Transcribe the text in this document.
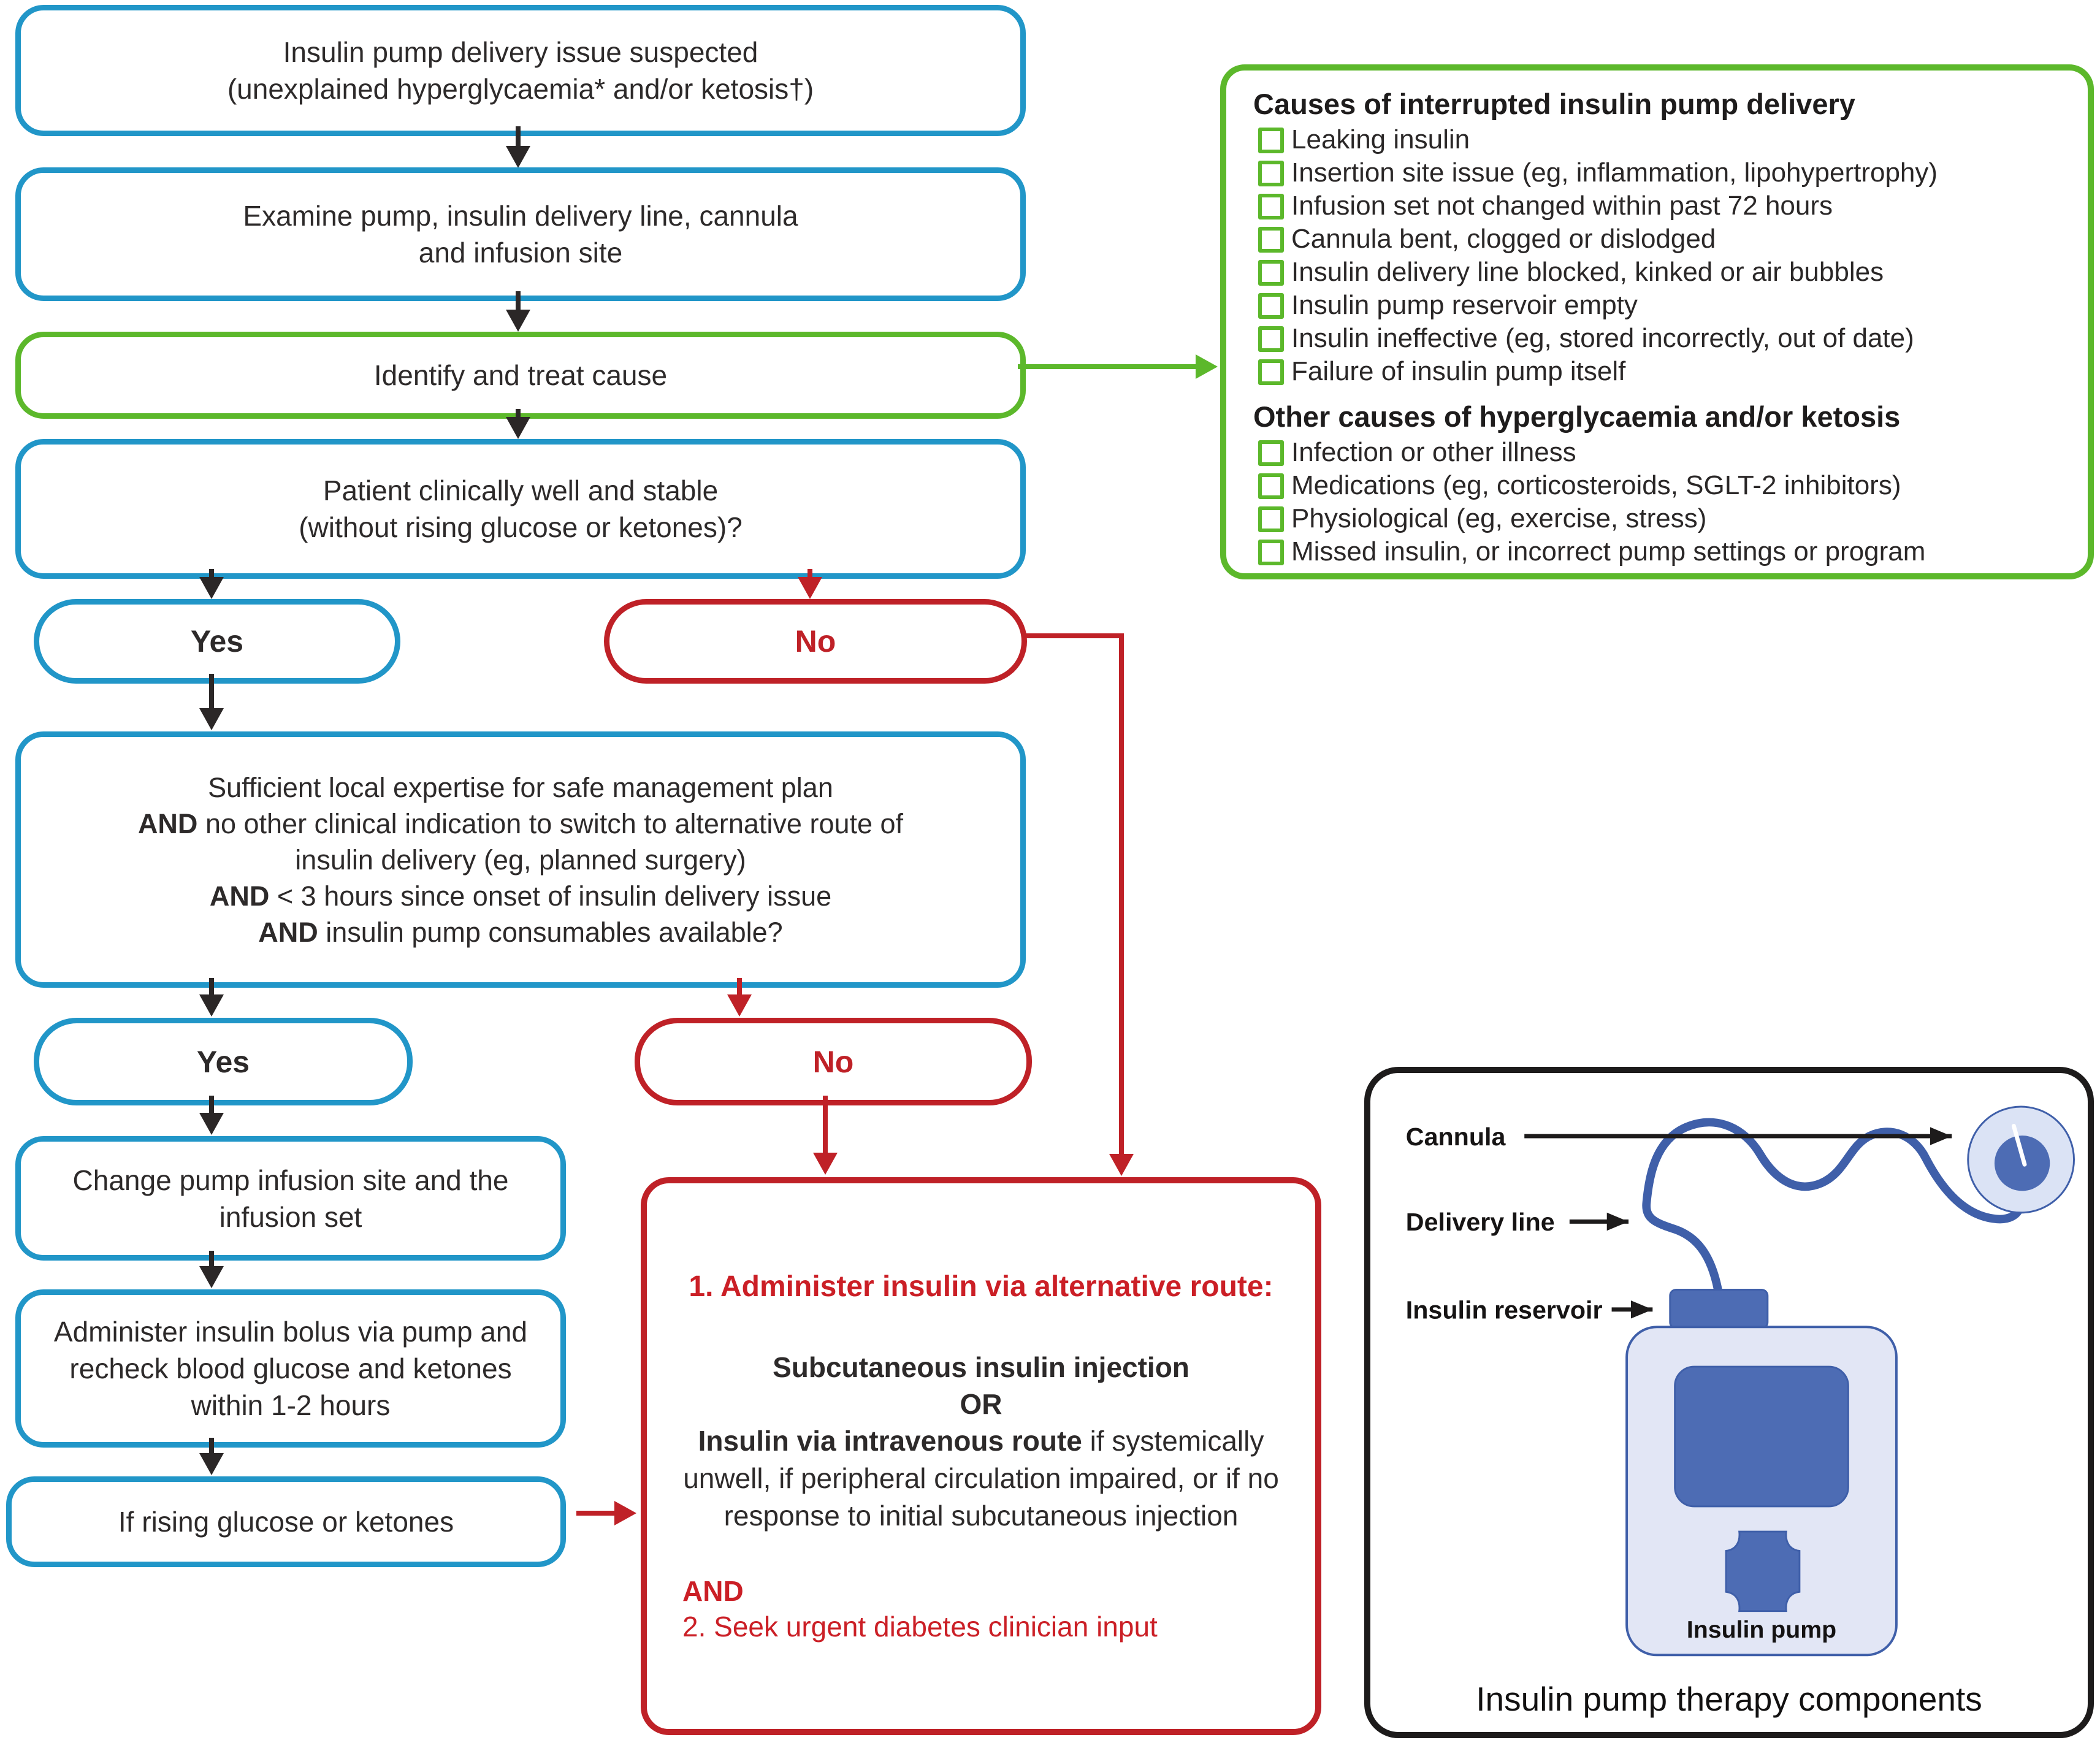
Insulin pump delivery issue suspected
(unexplained hyperglycaemia* and/or ketosis†)
Examine pump, insulin delivery line, cannula
and infusion site
Identify and treat cause
Patient clinically well and stable
(without rising glucose or ketones)?
Yes	No
Sufficient local expertise for safe management plan
AND no other clinical indication to switch to alternative route of
insulin delivery (eg, planned surgery)
AND < 3 hours since onset of insulin delivery issue
AND insulin pump consumables available?
Yes	No
Change pump infusion site and the
infusion set
Administer insulin bolus via pump and
recheck blood glucose and ketones
within 1-2 hours
If rising glucose or ketones
1. Administer insulin via alternative route:
Subcutaneous insulin injection
OR

Insulin via intravenous route if systemically unwell, if peripheral circulation impaired, or if no response to initial subcutaneous injection

AND
2. Seek urgent diabetes clinician input
Causes of interrupted insulin pump delivery
Leaking insulin
Insertion site issue (eg, inflammation, lipohypertrophy)
Infusion set not changed within past 72 hours
Cannula bent, clogged or dislodged
Insulin delivery line blocked, kinked or air bubbles
Insulin pump reservoir empty
Insulin ineffective (eg, stored incorrectly, out of date)
Failure of insulin pump itself
Other causes of hyperglycaemia and/or ketosis
Infection or other illness
Medications (eg, corticosteroids, SGLT-2 inhibitors)
Physiological (eg, exercise, stress)
Missed insulin, or incorrect pump settings or program
Cannula
Delivery line
Insulin reservoir
Insulin pump
Insulin pump therapy components
